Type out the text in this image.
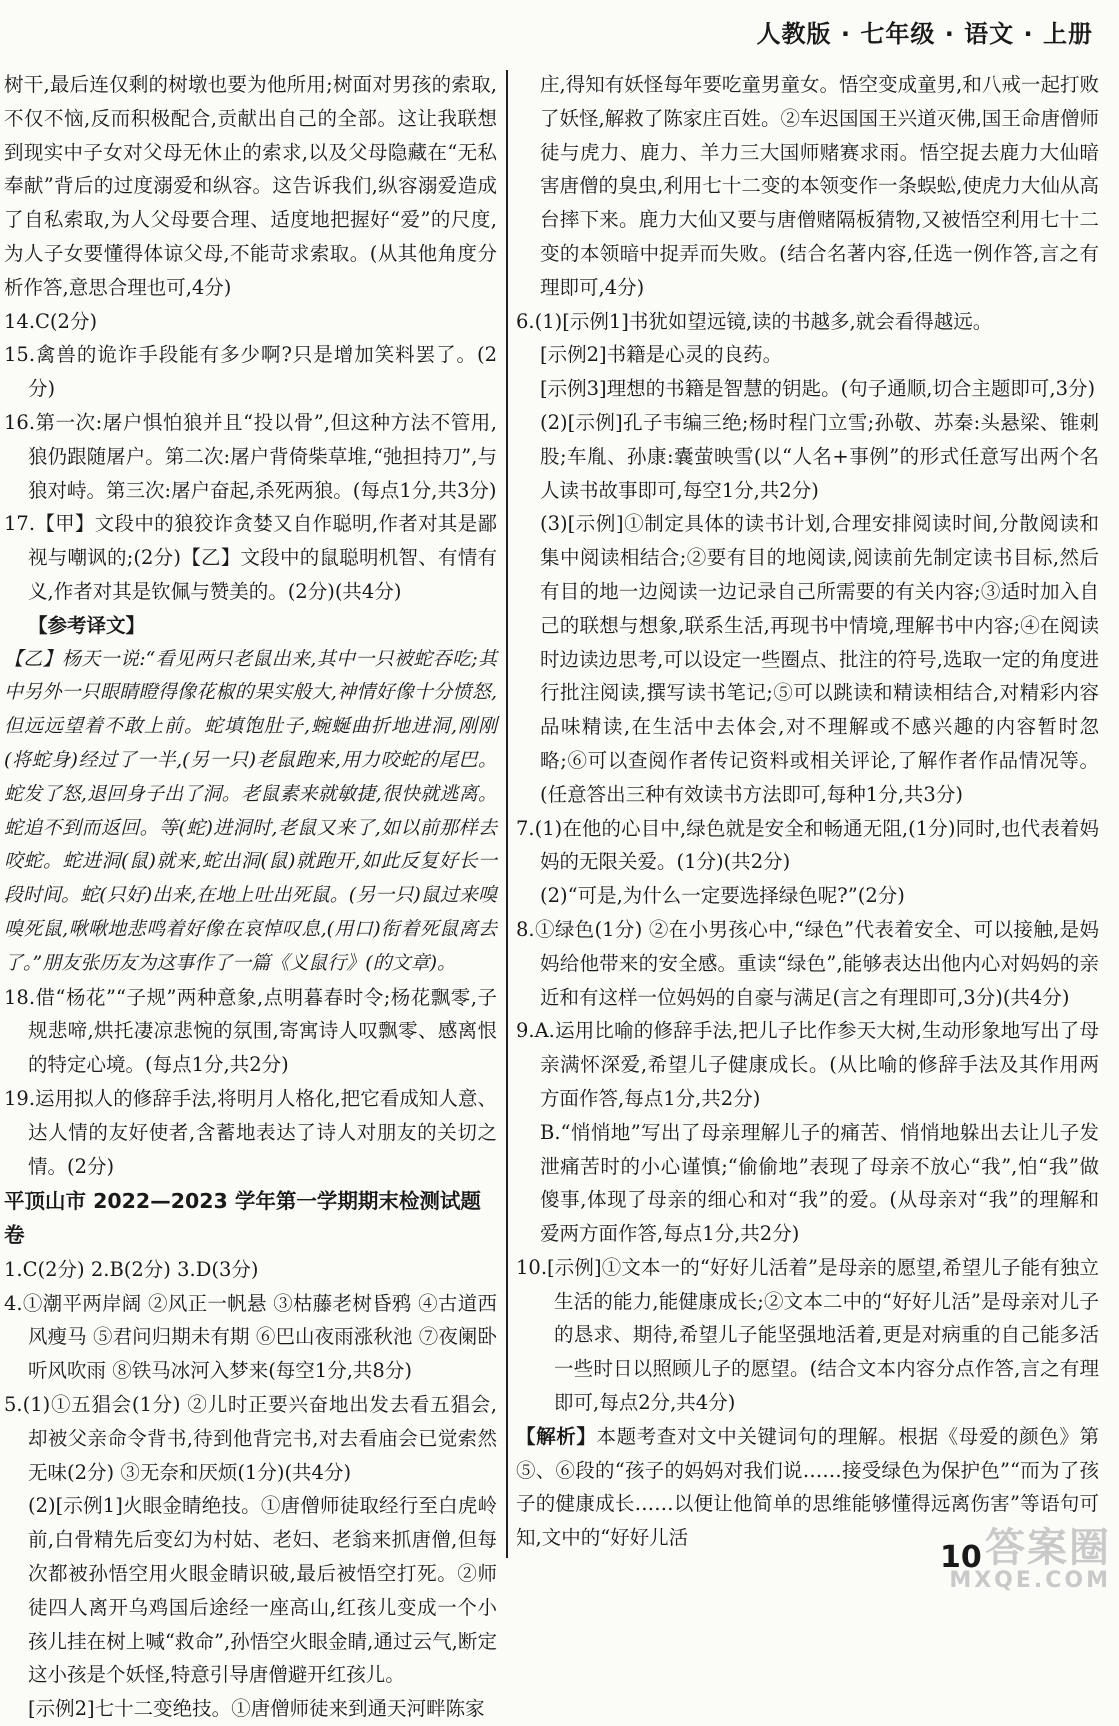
人教版 · 七年级 · 语文 · 上册

树干,最后连仅剩的树墩也要为他所用;树面对男孩的索取,不仅不恼,反而积极配合,贡献出自己的全部。这让我联想到现实中子女对父母无休止的索求,以及父母隐藏在“无私奉献”背后的过度溺爱和纵容。这告诉我们,纵容溺爱造成了自私索取,为人父母要合理、适度地把握好“爱”的尺度,为人子女要懂得体谅父母,不能苛求索取。(从其他角度分析作答,意思合理也可,4分)

14.C(2分)

15.禽兽的诡诈手段能有多少啊?只是增加笑料罢了。(2分)

16.第一次:屠户惧怕狼并且“投以骨”,但这种方法不管用,狼仍跟随屠户。第二次:屠户背倚柴草堆,“弛担持刀”,与狼对峙。第三次:屠户奋起,杀死两狼。(每点1分,共3分)

17.【甲】文段中的狼狡诈贪婪又自作聪明,作者对其是鄙视与嘲讽的;(2分)【乙】文段中的鼠聪明机智、有情有义,作者对其是钦佩与赞美的。(2分)(共4分)

【参考译文】

【乙】杨天一说:“看见两只老鼠出来,其中一只被蛇吞吃;其中另外一只眼睛瞪得像花椒的果实般大,神情好像十分愤怒,但远远望着不敢上前。蛇填饱肚子,蜿蜒曲折地进洞,刚刚(将蛇身)经过了一半,(另一只)老鼠跑来,用力咬蛇的尾巴。蛇发了怒,退回身子出了洞。老鼠素来就敏捷,很快就逃离。蛇追不到而返回。等(蛇)进洞时,老鼠又来了,如以前那样去咬蛇。蛇进洞(鼠)就来,蛇出洞(鼠)就跑开,如此反复好长一段时间。蛇(只好)出来,在地上吐出死鼠。(另一只)鼠过来嗅嗅死鼠,啾啾地悲鸣着好像在哀悼叹息,(用口)衔着死鼠离去了。”朋友张历友为这事作了一篇《义鼠行》(的文章)。

18.借“杨花”“子规”两种意象,点明暮春时令;杨花飘零,子规悲啼,烘托凄凉悲惋的氛围,寄寓诗人叹飘零、感离恨的特定心境。(每点1分,共2分)

19.运用拟人的修辞手法,将明月人格化,把它看成知人意、达人情的友好使者,含蓄地表达了诗人对朋友的关切之情。(2分)

平顶山市 2022—2023 学年第一学期期末检测试题卷

1.C(2分) 2.B(2分) 3.D(3分)

4.①潮平两岸阔 ②风正一帆悬 ③枯藤老树昏鸦 ④古道西风瘦马 ⑤君问归期未有期 ⑥巴山夜雨涨秋池 ⑦夜阑卧听风吹雨 ⑧铁马冰河入梦来(每空1分,共8分)

5.(1)①五猖会(1分) ②儿时正要兴奋地出发去看五猖会,却被父亲命令背书,待到他背完书,对去看庙会已觉索然无味(2分) ③无奈和厌烦(1分)(共4分)

(2)[示例1]火眼金睛绝技。①唐僧师徒取经行至白虎岭前,白骨精先后变幻为村姑、老妇、老翁来抓唐僧,但每次都被孙悟空用火眼金睛识破,最后被悟空打死。②师徒四人离开乌鸡国后途经一座高山,红孩儿变成一个小孩儿挂在树上喊“救命”,孙悟空火眼金睛,通过云气,断定这小孩是个妖怪,特意引导唐僧避开红孩儿。

[示例2]七十二变绝技。①唐僧师徒来到通天河畔陈家

庄,得知有妖怪每年要吃童男童女。悟空变成童男,和八戒一起打败了妖怪,解救了陈家庄百姓。②车迟国国王兴道灭佛,国王命唐僧师徒与虎力、鹿力、羊力三大国师赌赛求雨。悟空捉去鹿力大仙暗害唐僧的臭虫,利用七十二变的本领变作一条蜈蚣,使虎力大仙从高台摔下来。鹿力大仙又要与唐僧赌隔板猜物,又被悟空利用七十二变的本领暗中捉弄而失败。(结合名著内容,任选一例作答,言之有理即可,4分)

6.(1)[示例1]书犹如望远镜,读的书越多,就会看得越远。

[示例2]书籍是心灵的良药。

[示例3]理想的书籍是智慧的钥匙。(句子通顺,切合主题即可,3分)

(2)[示例]孔子韦编三绝;杨时程门立雪;孙敬、苏秦:头悬梁、锥刺股;车胤、孙康:囊萤映雪(以“人名+事例”的形式任意写出两个名人读书故事即可,每空1分,共2分)

(3)[示例]①制定具体的读书计划,合理安排阅读时间,分散阅读和集中阅读相结合;②要有目的地阅读,阅读前先制定读书目标,然后有目的地一边阅读一边记录自己所需要的有关内容;③适时加入自己的联想与想象,联系生活,再现书中情境,理解书中内容;④在阅读时边读边思考,可以设定一些圈点、批注的符号,选取一定的角度进行批注阅读,撰写读书笔记;⑤可以跳读和精读相结合,对精彩内容品味精读,在生活中去体会,对不理解或不感兴趣的内容暂时忽略;⑥可以查阅作者传记资料或相关评论,了解作者作品情况等。(任意答出三种有效读书方法即可,每种1分,共3分)

7.(1)在他的心目中,绿色就是安全和畅通无阻,(1分)同时,也代表着妈妈的无限关爱。(1分)(共2分)

(2)“可是,为什么一定要选择绿色呢?”(2分)

8.①绿色(1分) ②在小男孩心中,“绿色”代表着安全、可以接触,是妈妈给他带来的安全感。重读“绿色”,能够表达出他内心对妈妈的亲近和有这样一位妈妈的自豪与满足(言之有理即可,3分)(共4分)

9.A.运用比喻的修辞手法,把儿子比作参天大树,生动形象地写出了母亲满怀深爱,希望儿子健康成长。(从比喻的修辞手法及其作用两方面作答,每点1分,共2分)

B.“悄悄地”写出了母亲理解儿子的痛苦、悄悄地躲出去让儿子发泄痛苦时的小心谨慎;“偷偷地”表现了母亲不放心“我”,怕“我”做傻事,体现了母亲的细心和对“我”的爱。(从母亲对“我”的理解和爱两方面作答,每点1分,共2分)

10.[示例]①文本一的“好好儿活着”是母亲的愿望,希望儿子能有独立生活的能力,能健康成长;②文本二中的“好好儿活”是母亲对儿子的恳求、期待,希望儿子能坚强地活着,更是对病重的自己能多活一些时日以照顾儿子的愿望。(结合文本内容分点作答,言之有理即可,每点2分,共4分)

【解析】本题考查对文中关键词句的理解。根据《母爱的颜色》第⑤、⑥段的“孩子的妈妈对我们说……接受绿色为保护色”“而为了孩子的健康成长……以便让他简单的思维能够懂得远离伤害”等语句可知,文中的“好好儿活

10 答案圈
MXQE.COM
